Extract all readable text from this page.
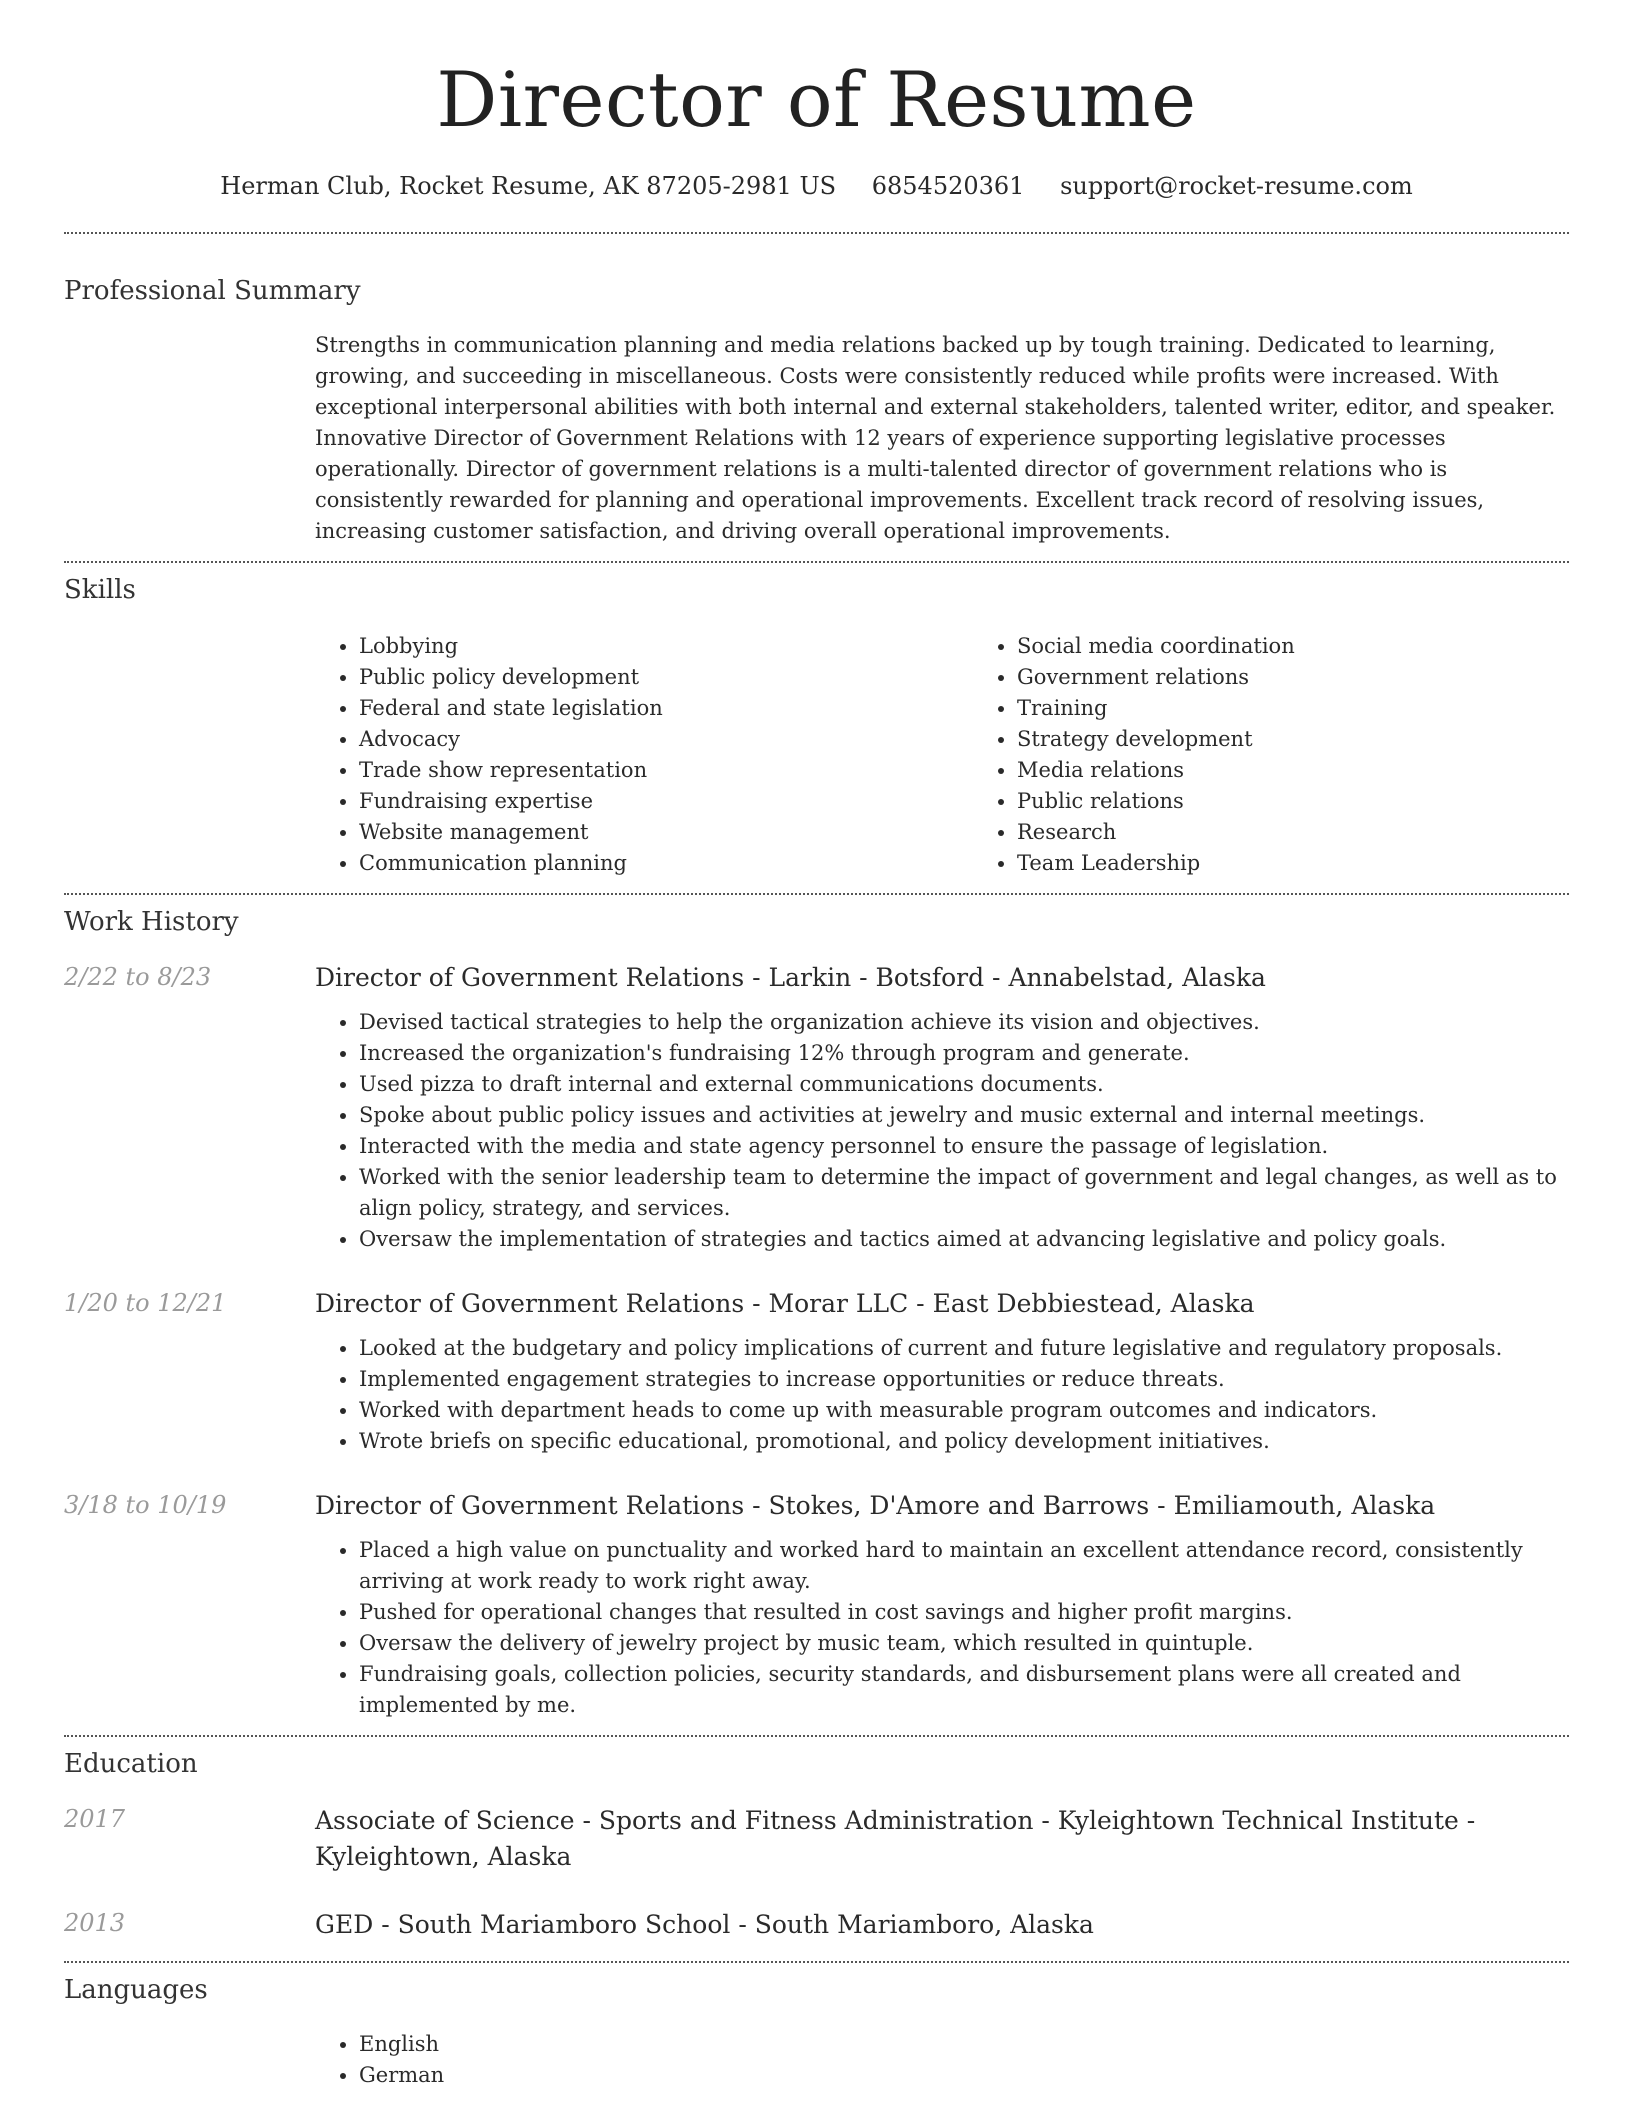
Director of Resume
Herman Club, Rocket Resume, AK 87205-2981 US 6854520361 support@rocket-resume.com
Professional Summary

Strengths in communication planning and media relations backed up by tough training. Dedicated to learning, growing, and succeeding in miscellaneous. Costs were consistently reduced while profits were increased. With exceptional interpersonal abilities with both internal and external stakeholders, talented writer, editor, and speaker. Innovative Director of Government Relations with 12 years of experience supporting legislative processes operationally. Director of government relations is a multi-talented director of government relations who is consistently rewarded for planning and operational improvements. Excellent track record of resolving issues, increasing customer satisfaction, and driving overall operational improvements.

Skills
• Lobbying
• Public policy development
• Federal and state legislation
• Advocacy
• Trade show representation
• Fundraising expertise
• Website management
• Communication planning
• Social media coordination
• Government relations
• Training
• Strategy development
• Media relations
• Public relations
• Research
• Team Leadership
Work History
2/22 to 8/23	Director of Government Relations - Larkin - Botsford - Annabelstad, Alaska
• Devised tactical strategies to help the organization achieve its vision and objectives.
• Increased the organization's fundraising 12% through program and generate.
• Used pizza to draft internal and external communications documents.
• Spoke about public policy issues and activities at jewelry and music external and internal meetings.
• Interacted with the media and state agency personnel to ensure the passage of legislation.
• Worked with the senior leadership team to determine the impact of government and legal changes, as well as to align policy, strategy, and services.
• Oversaw the implementation of strategies and tactics aimed at advancing legislative and policy goals.
1/20 to 12/21	Director of Government Relations - Morar LLC - East Debbiestead, Alaska
• Looked at the budgetary and policy implications of current and future legislative and regulatory proposals.
• Implemented engagement strategies to increase opportunities or reduce threats.
• Worked with department heads to come up with measurable program outcomes and indicators.
• Wrote briefs on specific educational, promotional, and policy development initiatives.
3/18 to 10/19	Director of Government Relations - Stokes, D'Amore and Barrows - Emiliamouth, Alaska
• Placed a high value on punctuality and worked hard to maintain an excellent attendance record, consistently arriving at work ready to work right away.
• Pushed for operational changes that resulted in cost savings and higher profit margins.
• Oversaw the delivery of jewelry project by music team, which resulted in quintuple.
• Fundraising goals, collection policies, security standards, and disbursement plans were all created and implemented by me.
Education
2017	Associate of Science - Sports and Fitness Administration - Kyleightown Technical Institute - Kyleightown, Alaska
2013	GED - South Mariamboro School - South Mariamboro, Alaska
Languages
• English
• German
